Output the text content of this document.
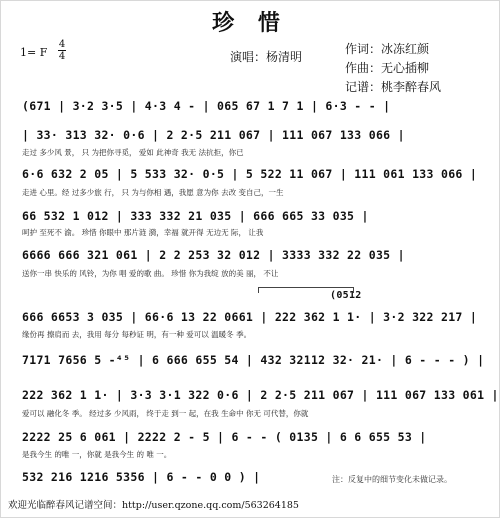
珍 惜
1= F
4
4	演唱：杨清明
作词：冰冻红颜
作曲：无心插柳
记谱：桃李醉春风
(671 | 3·2 3·5 | 4·3 4 - | 065 67 1 7 1 | 6·3 - - |
| 33· 313 32· 0·6 | 2 2·5 211 067 | 111 067 133 066 |
走过 多少风 景， 只 为把你寻觅， 爱如 此神奇 我无 法抗拒，你已
6·6 632 2 05 | 5 533 32· 0·5 | 5 522 11 067 | 111 061 133 066 |
走进 心里。经 过多少旅 行， 只 为与你相 遇，我愿 意为你 去改 变自己，一生
66 532 1 012 | 333 332 21 035 | 666 665 33 035 |
呵护 至死不 渝。 珍惜 你眼中 那片涟 漪，幸福 就开得 无边无 际， 让我
6666 666 321 061 | 2 2 253 32 012 | 3333 332 22 035 |
送你一串 快乐的 风铃，为你 唱 爱的歌 曲。 珍惜 你为我绽 放的美 丽， 不让
(0512
666 6653 3 035 | 66·6 13 22 0661 | 222 362 1 1· | 3·2 322 217 |
缘份再 擦肩而 去，我用 每分 每秒证 明，有一种 爱可以 温暖冬 季。
7171 7656 5 -⁴⁵ | 6 666 655 54 | 432 32112 32· 21· | 6 - - - ) |
222 362 1 1· | 3·3 3·1 322 0·6 | 2 2·5 211 067 | 111 067 133 061 |
爱可以 融化冬 季。 经过多 少风雨， 终于走 到一 起，在我 生命中 你无 可代替，你就
2222 25 6 061 | 2222 2 - 5 | 6 - - ( 0135 | 6 6 655 53 |
是我今生 的唯 一，你就 是我今生 的 唯 一。
532 216 1216 5356 | 6 - - 0 0 ) |	注：反复中的细节变化未做记录。
欢迎光临醉春风记谱空间：http://user.qzone.qq.com/563264185
